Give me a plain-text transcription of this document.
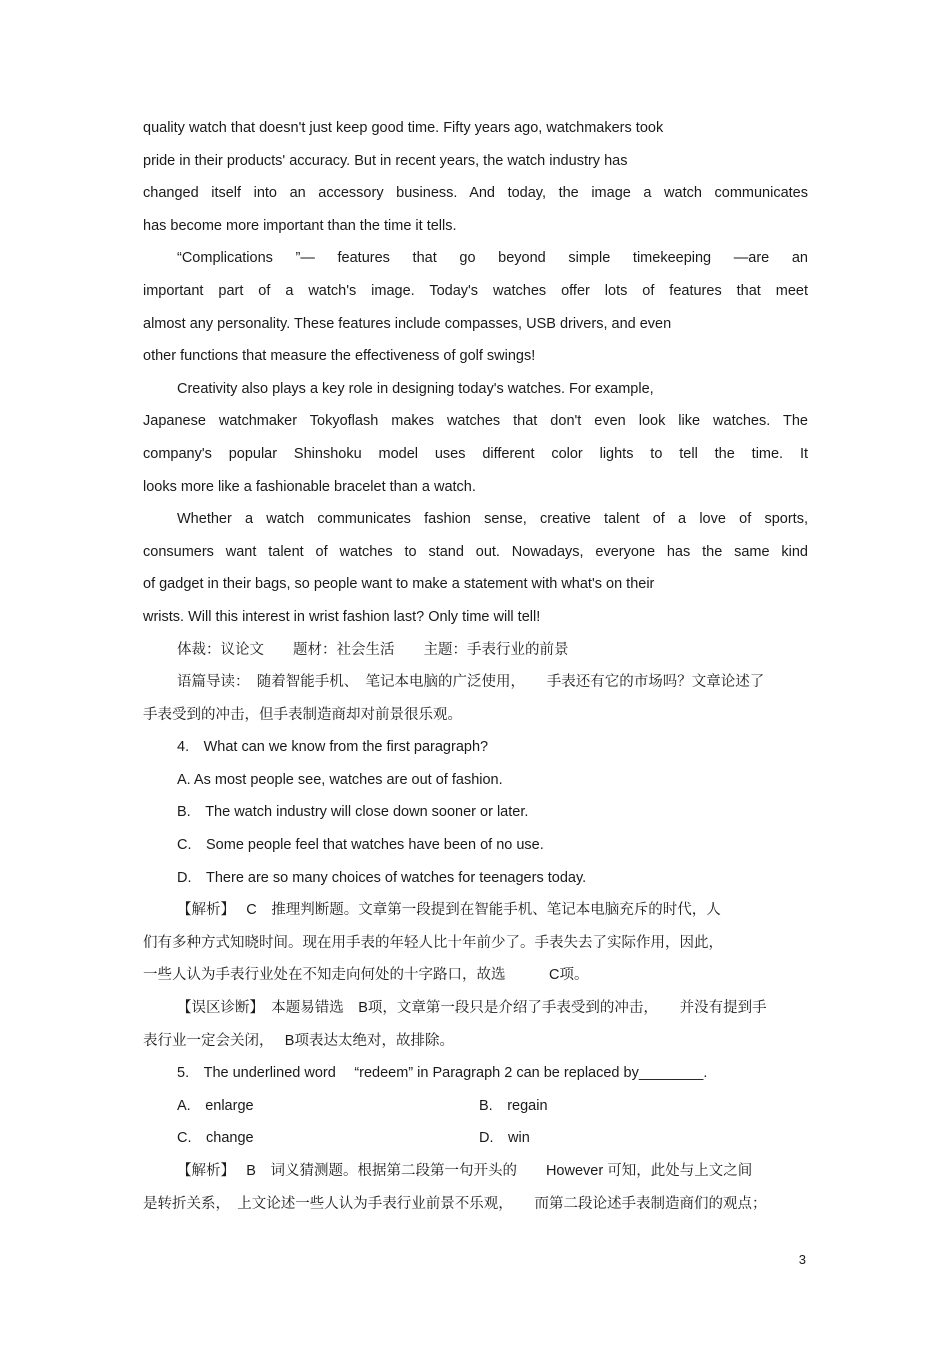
quality watch that doesn't just keep good time. Fifty years ago, watchmakers took
pride in their products' accuracy. But in recent years, the watch industry has
changed itself into an accessory business. And today, the image a watch communicates
has become more important than the time it tells.
“Complications ”— features that go beyond simple timekeeping —are an
important part of a watch's image. Today's watches offer lots of features that meet
almost any personality. These features include compasses, USB drivers, and even
other functions that measure the effectiveness of golf swings!
Creativity also plays a key role in designing today's watches. For example,
Japanese watchmaker Tokyoflash makes watches that don't even look like watches. The
company's popular Shinshoku model uses different color lights to tell the time. It
looks more like a fashionable bracelet than a watch.
Whether a watch communicates fashion sense, creative talent of a love of sports,
consumers want talent of watches to stand out. Nowadays, everyone has the same kind
of gadget in their bags, so people want to make a statement with what's on their
wrists. Will this interest in wrist fashion last? Only time will tell!
体裁：议论文　　题材：社会生活　　主题：手表行业的前景
语篇导读：　随着智能手机、　笔记本电脑的广泛使用，　　手表还有它的市场吗？文章论述了
手表受到的冲击，但手表制造商却对前景很乐观。
4.　What can we know from the first paragraph?
A. As most people see, watches are out of fashion.
B.　The watch industry will close down sooner or later.
C.　Some people feel that watches have been of no use.
D.　There are so many choices of watches for teenagers today.
【解析】　 C　推理判断题。文章第一段提到在智能手机、笔记本电脑充斥的时代，人
们有多种方式知晓时间。现在用手表的年轻人比十年前少了。手表失去了实际作用，因此，
一些人认为手表行业处在不知走向何处的十字路口，故选　　　C项。
【误区诊断】　本题易错选　B项，文章第一段只是介绍了手表受到的冲击，　　并没有提到手
表行业一定会关闭，　 B项表达太绝对，故排除。
5.　The underlined word　 “redeem” in Paragraph 2 can be replaced by________.
A.　enlarge	B.　regain
C.　change	D.　win
【解析】　 B　词义猜测题。根据第二段第一句开头的　　However 可知，此处与上文之间
是转折关系，　上文论述一些人认为手表行业前景不乐观，　　而第二段论述手表制造商们的观点；
3
